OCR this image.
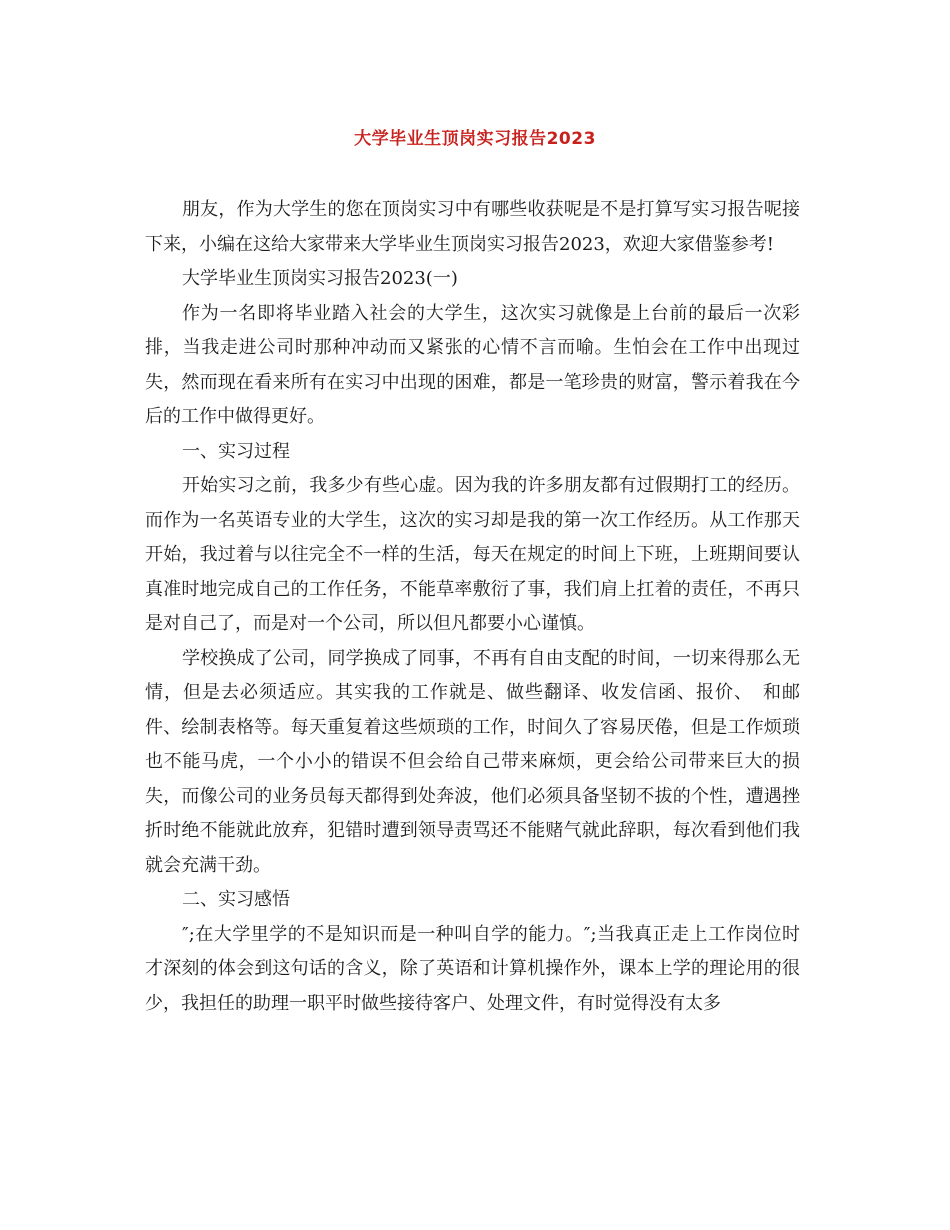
大学毕业生顶岗实习报告2023

朋友，作为大学生的您在顶岗实习中有哪些收获呢是不是打算写实习报告呢接下来，小编在这给大家带来大学毕业生顶岗实习报告2023，欢迎大家借鉴参考!

大学毕业生顶岗实习报告2023(一)

作为一名即将毕业踏入社会的大学生，这次实习就像是上台前的最后一次彩排，当我走进公司时那种冲动而又紧张的心情不言而喻。生怕会在工作中出现过失，然而现在看来所有在实习中出现的困难，都是一笔珍贵的财富，警示着我在今后的工作中做得更好。

一、实习过程

开始实习之前，我多少有些心虚。因为我的许多朋友都有过假期打工的经历。而作为一名英语专业的大学生，这次的实习却是我的第一次工作经历。从工作那天开始，我过着与以往完全不一样的生活，每天在规定的时间上下班，上班期间要认真准时地完成自己的工作任务，不能草率敷衍了事，我们肩上扛着的责任，不再只是对自己了，而是对一个公司，所以但凡都要小心谨慎。

学校换成了公司，同学换成了同事，不再有自由支配的时间，一切来得那么无情，但是去必须适应。其实我的工作就是、做些翻译、收发信函、报价、　和邮件、绘制表格等。每天重复着这些烦琐的工作，时间久了容易厌倦，但是工作烦琐也不能马虎，一个小小的错误不但会给自己带来麻烦，更会给公司带来巨大的损失，而像公司的业务员每天都得到处奔波，他们必须具备坚韧不拔的个性，遭遇挫折时绝不能就此放弃，犯错时遭到领导责骂还不能赌气就此辞职，每次看到他们我就会充满干劲。

二、实习感悟

″;在大学里学的不是知识而是一种叫自学的能力。″;当我真正走上工作岗位时才深刻的体会到这句话的含义，除了英语和计算机操作外，课本上学的理论用的很少，我担任的助理一职平时做些接待客户、处理文件，有时觉得没有太多
